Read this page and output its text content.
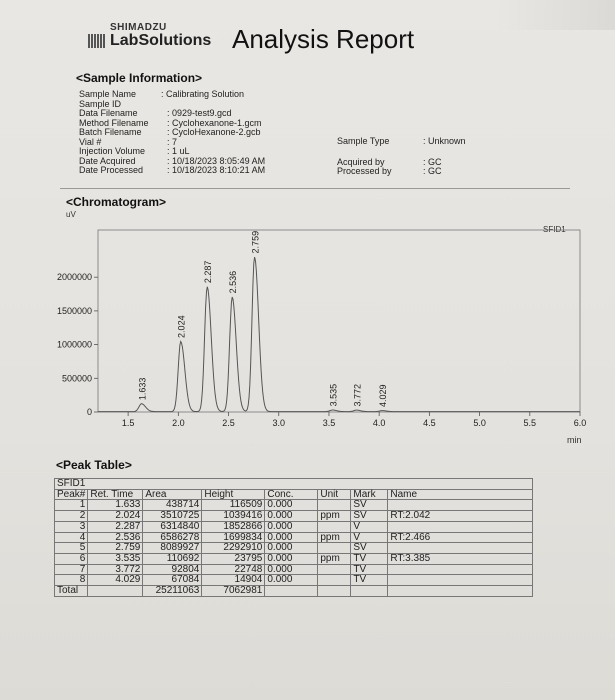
SHIMADZU
LabSolutions Analysis Report
<Sample Information>
Sample Name	: Calibrating Solution
Sample ID
Data Filename	: 0929-test9.gcd
Method Filename	: Cyclohexanone-1.gcm
Batch Filename	: CycloHexanone-2.gcb
Vial #	: 7
Injection Volume	: 1 uL
Date Acquired	: 10/18/2023 8:05:49 AM
Date Processed	: 10/18/2023 8:10:21 AM
Sample Type	: Unknown
Acquired by	: GC
Processed by	: GC
<Chromatogram>
uV
SFID1
min
0
500000
1000000
1500000
2000000
1.5	2.0	2.5	3.0	3.5	4.0	4.5	5.0	5.5	6.0
1.633
2.024
2.287 2.536
2.759
3.535 3.772 4.029
<Peak Table>
SFID1							
Peak#	Ret. Time	Area	Height	Conc.	Unit	Mark	Name
1	1.633	438714	116509	0.000		SV	
2	2.024	3510725	1039416	0.000	ppm	SV	RT:2.042
3	2.287	6314840	1852866	0.000		V	
4	2.536	6586278	1699834	0.000	ppm	V	RT:2.466
5	2.759	8089927	2292910	0.000		SV	
6	3.535	110692	23795	0.000	ppm	TV	RT:3.385
7	3.772	92804	22748	0.000		TV	
8	4.029	67084	14904	0.000		TV	
Total		25211063	7062981				
